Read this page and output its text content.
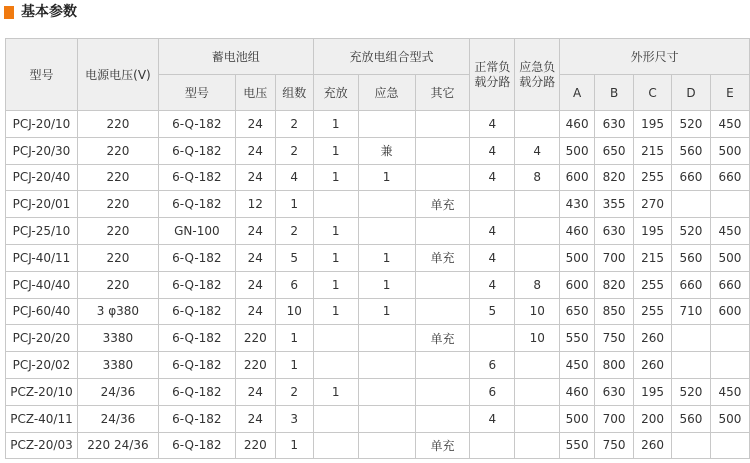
基本参数
型号	电源电压(V)	蓄电池组			充放电组合型式			正常负载分路	应急负载分路	外形尺寸				
		型号	电压	组数	充放	应急	其它			A	B	C	D	E
PCJ-20/10	220	6-Q-182	24	2	1			4		460	630	195	520	450
PCJ-20/30	220	6-Q-182	24	2	1	兼		4	4	500	650	215	560	500
PCJ-20/40	220	6-Q-182	24	4	1	1		4	8	600	820	255	660	660
PCJ-20/01	220	6-Q-182	12	1			单充			430	355	270		
PCJ-25/10	220	GN-100	24	2	1			4		460	630	195	520	450
PCJ-40/11	220	6-Q-182	24	5	1	1	单充	4		500	700	215	560	500
PCJ-40/40	220	6-Q-182	24	6	1	1		4	8	600	820	255	660	660
PCJ-60/40	3 φ380	6-Q-182	24	10	1	1		5	10	650	850	255	710	600
PCJ-20/20	3380	6-Q-182	220	1			单充		10	550	750	260		
PCJ-20/02	3380	6-Q-182	220	1				6		450	800	260		
PCZ-20/10	24/36	6-Q-182	24	2	1			6		460	630	195	520	450
PCZ-40/11	24/36	6-Q-182	24	3				4		500	700	200	560	500
PCZ-20/03	220 24/36	6-Q-182	220	1			单充			550	750	260		
